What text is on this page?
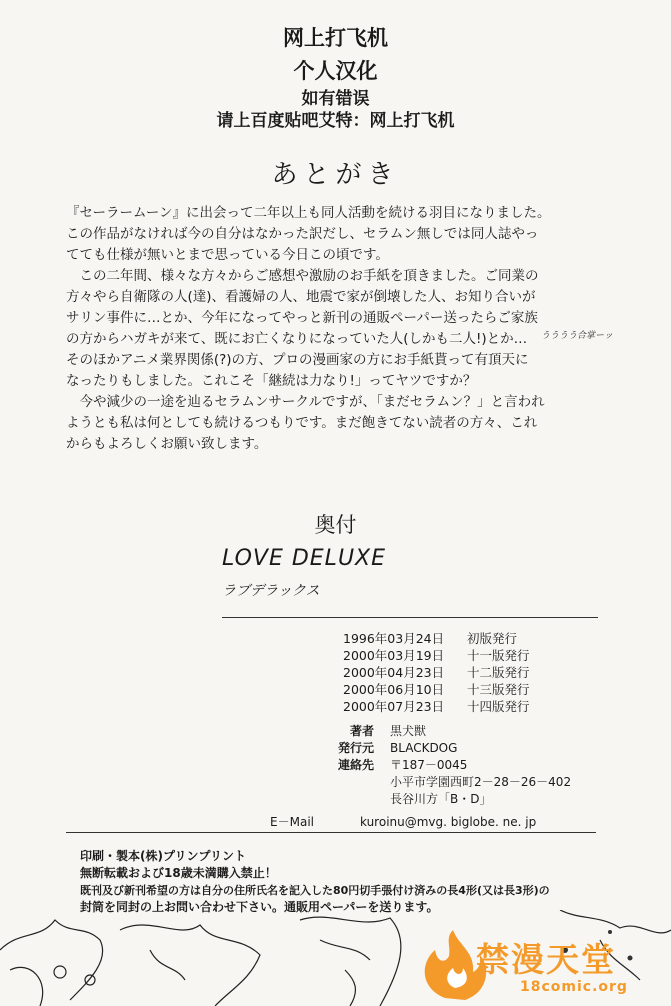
网上打飞机
个人汉化
如有错误
请上百度贴吧艾特：网上打飞机
あとがき
『セーラームーン』に出会って二年以上も同人活動を続ける羽目になりました。
この作品がなければ今の自分はなかった訳だし、セラムン無しでは同人誌やっ
てても仕様が無いとまで思っている今日この頃です。
　この二年間、様々な方々からご感想や激励のお手紙を頂きました。ご同業の
方々やら自衛隊の人(達)、看護婦の人、地震で家が倒壊した人、お知り合いが
サリン事件に…とか、今年になってやっと新刊の通販ペーパー送ったらご家族
の方からハガキが来て、既にお亡くなりになっていた人(しかも二人!)とか…
そのほかアニメ業界関係(?)の方、プロの漫画家の方にお手紙貰って有頂天に
なったりもしました。これこそ「継続は力なり!」ってヤツですか？
　今や減少の一途を辿るセラムンサークルですが、「まだセラムン？」と言われ
ようとも私は何としても続けるつもりです。まだ飽きてない読者の方々、これ
からもよろしくお願い致します。
うううう合掌ーッ
奥付
LOVE DELUXE
ラブデラックス
1996年03月24日	初版発行
2000年03月19日	十一版発行
2000年04月23日	十二版発行
2000年06月10日	十三版発行
2000年07月23日	十四版発行
著者	黒犬獣
発行元	BLACKDOG
連絡先	〒187－0045
小平市学園西町2－28－26－402
長谷川方「B・D」
E－Mail	kuroinu@mvg. biglobe. ne. jp
印刷・製本(株)プリンプリント
無断転載および18歳未満購入禁止！
既刊及び新刊希望の方は自分の住所氏名を記入した80円切手張付け済みの長4形(又は長3形)の
封筒を同封の上お問い合わせ下さい。通販用ペーパーを送ります。
禁漫天堂
18comic.org
